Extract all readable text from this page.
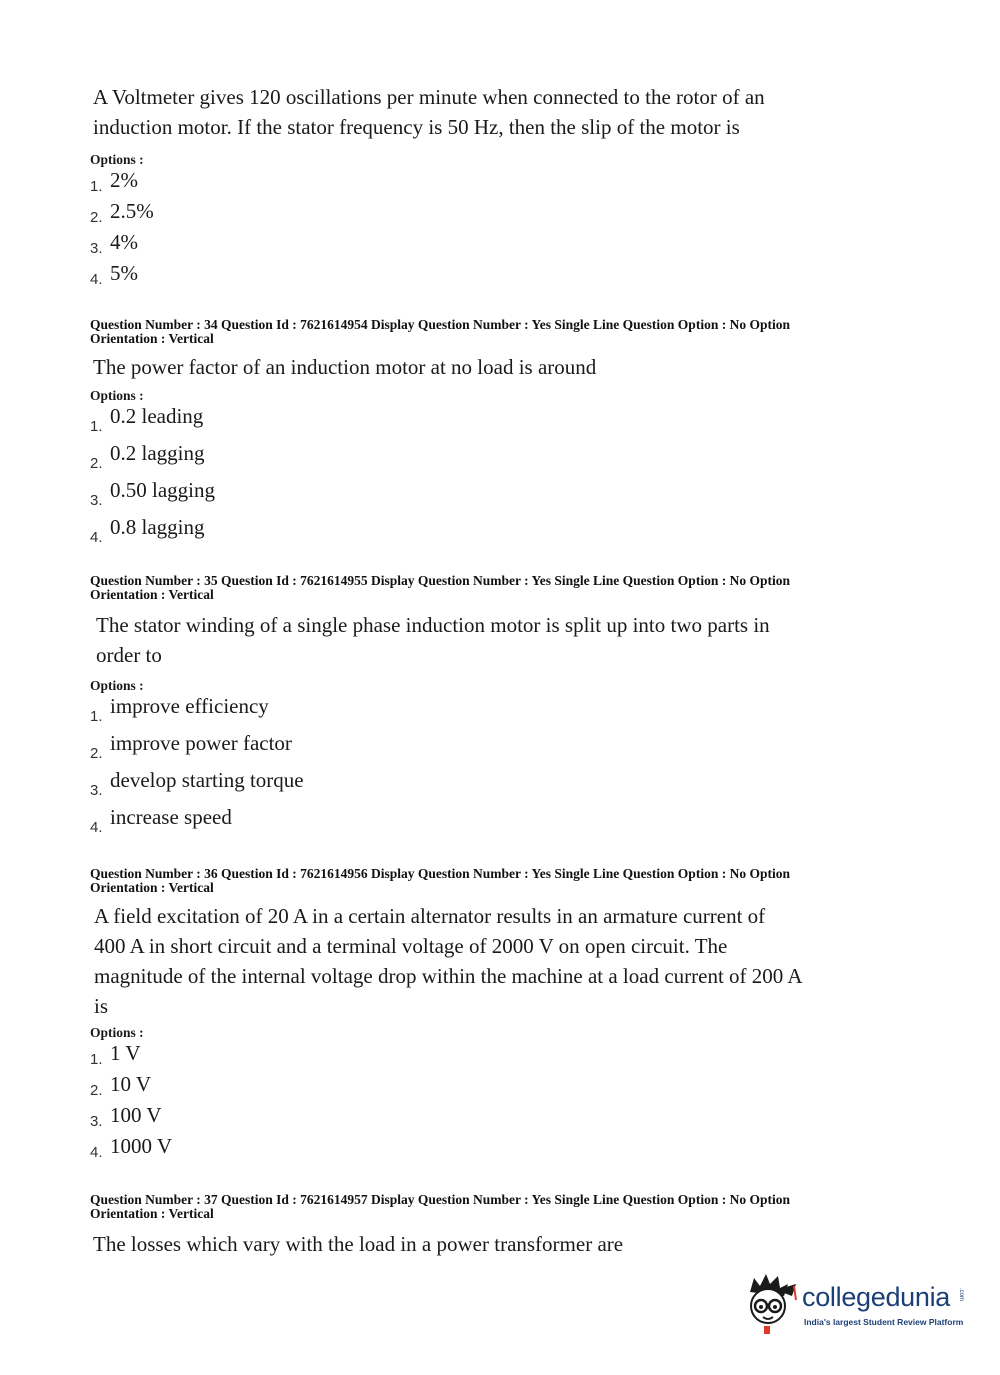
A Voltmeter gives 120 oscillations per minute when connected to the rotor of an

induction motor. If the stator frequency is 50 Hz, then the slip of the motor is

Options :
1. 2%
2. 2.5%
3. 4%
4. 5%
Question Number : 34 Question Id : 7621614954 Display Question Number : Yes Single Line Question Option : No Option
Orientation : Vertical

The power factor of an induction motor at no load is around

Options :
1. 0.2 leading
2. 0.2 lagging
3. 0.50 lagging
4. 0.8 lagging
Question Number : 35 Question Id : 7621614955 Display Question Number : Yes Single Line Question Option : No Option
Orientation : Vertical

The stator winding of a single phase induction motor is split up into two parts in

order to

Options :
1. improve efficiency
2. improve power factor
3. develop starting torque
4. increase speed
Question Number : 36 Question Id : 7621614956 Display Question Number : Yes Single Line Question Option : No Option
Orientation : Vertical

A field excitation of 20 A in a certain alternator results in an armature current of

400 A in short circuit and a terminal voltage of 2000 V on open circuit. The

magnitude of the internal voltage drop within the machine at a load current of 200 A

is

Options :
1. 1 V
2. 10 V
3. 100 V
4. 1000 V
Question Number : 37 Question Id : 7621614957 Display Question Number : Yes Single Line Question Option : No Option
Orientation : Vertical

The losses which vary with the load in a power transformer are

collegedunia .com
India's largest Student Review Platform
